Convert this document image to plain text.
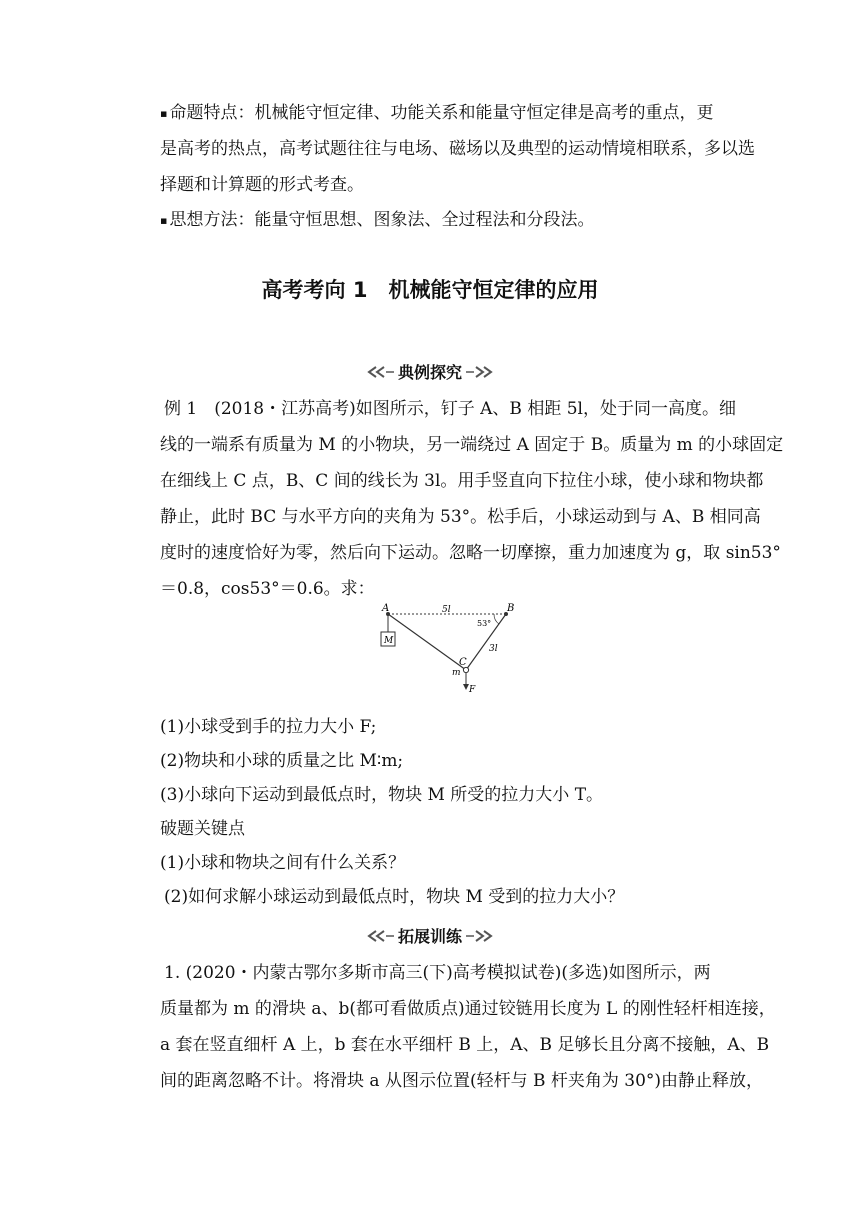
▪ 命题特点：机械能守恒定律、功能关系和能量守恒定律是高考的重点，更
是高考的热点，高考试题往往与电场、磁场以及典型的运动情境相联系，多以选
择题和计算题的形式考查。
▪ 思想方法：能量守恒思想、图象法、全过程法和分段法。
高考考向 1　机械能守恒定律的应用
典例探究
例 1　(2018・江苏高考)如图所示，钉子 A、B 相距 5l，处于同一高度。细
线的一端系有质量为 M 的小物块，另一端绕过 A 固定于 B。质量为 m 的小球固定
在细线上 C 点，B、C 间的线长为 3l。用手竖直向下拉住小球，使小球和物块都
静止，此时 BC 与水平方向的夹角为 53°。松手后，小球运动到与 A、B 相同高
度时的速度恰好为零，然后向下运动。忽略一切摩擦，重力加速度为 g，取 sin53°
＝0.8，cos53°＝0.6。求：
A	B
C
M
m
F
5l
3l
53°
(1)小球受到手的拉力大小 F;
(2)物块和小球的质量之比 M∶m;
(3)小球向下运动到最低点时，物块 M 所受的拉力大小 T。
破题关键点
(1)小球和物块之间有什么关系？
(2)如何求解小球运动到最低点时，物块 M 受到的拉力大小？
拓展训练
1. (2020・内蒙古鄂尔多斯市高三(下)高考模拟试卷)(多选)如图所示，两
质量都为 m 的滑块 a、b(都可看做质点)通过铰链用长度为 L 的刚性轻杆相连接，
a 套在竖直细杆 A 上，b 套在水平细杆 B 上，A、B 足够长且分离不接触，A、B
间的距离忽略不计。将滑块 a 从图示位置(轻杆与 B 杆夹角为 30°)由静止释放，
